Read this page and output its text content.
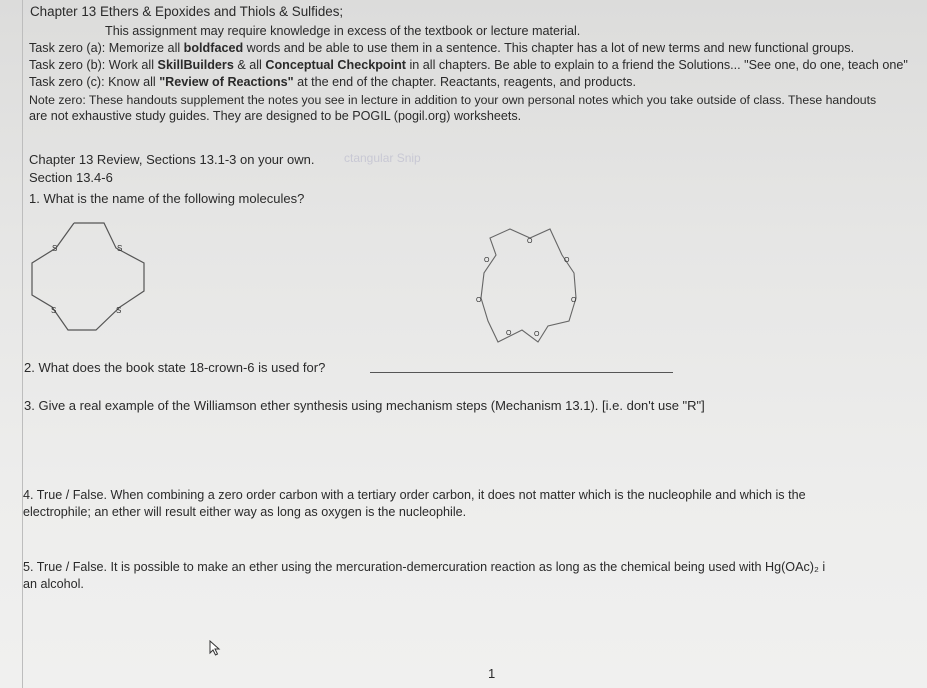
Chapter 13 Ethers & Epoxides and Thiols & Sulfides;
This assignment may require knowledge in excess of the textbook or lecture material.
Task zero (a): Memorize all boldfaced words and be able to use them in a sentence. This chapter has a lot of new terms and new functional groups.
Task zero (b): Work all SkillBuilders & all Conceptual Checkpoint in all chapters. Be able to explain to a friend the Solutions... "See one, do one, teach one"
Task zero (c): Know all "Review of Reactions" at the end of the chapter. Reactants, reagents, and products.
Note zero: These handouts supplement the notes you see in lecture in addition to your own personal notes which you take outside of class. These handouts
are not exhaustive study guides. They are designed to be POGIL (pogil.org) worksheets.
Chapter 13 Review, Sections 13.1-3 on your own. ctangular Snip
Section 13.4-6
1. What is the name of the following molecules?
S	S
S	S
O
O
O
O
O
O
O
2. What does the book state 18-crown-6 is used for?
3. Give a real example of the Williamson ether synthesis using mechanism steps (Mechanism 13.1). [i.e. don't use "R"]
4. True / False. When combining a zero order carbon with a tertiary order carbon, it does not matter which is the nucleophile and which is the
electrophile; an ether will result either way as long as oxygen is the nucleophile.
5. True / False. It is possible to make an ether using the mercuration-demercuration reaction as long as the chemical being used with Hg(OAc)₂ i
an alcohol.
1
